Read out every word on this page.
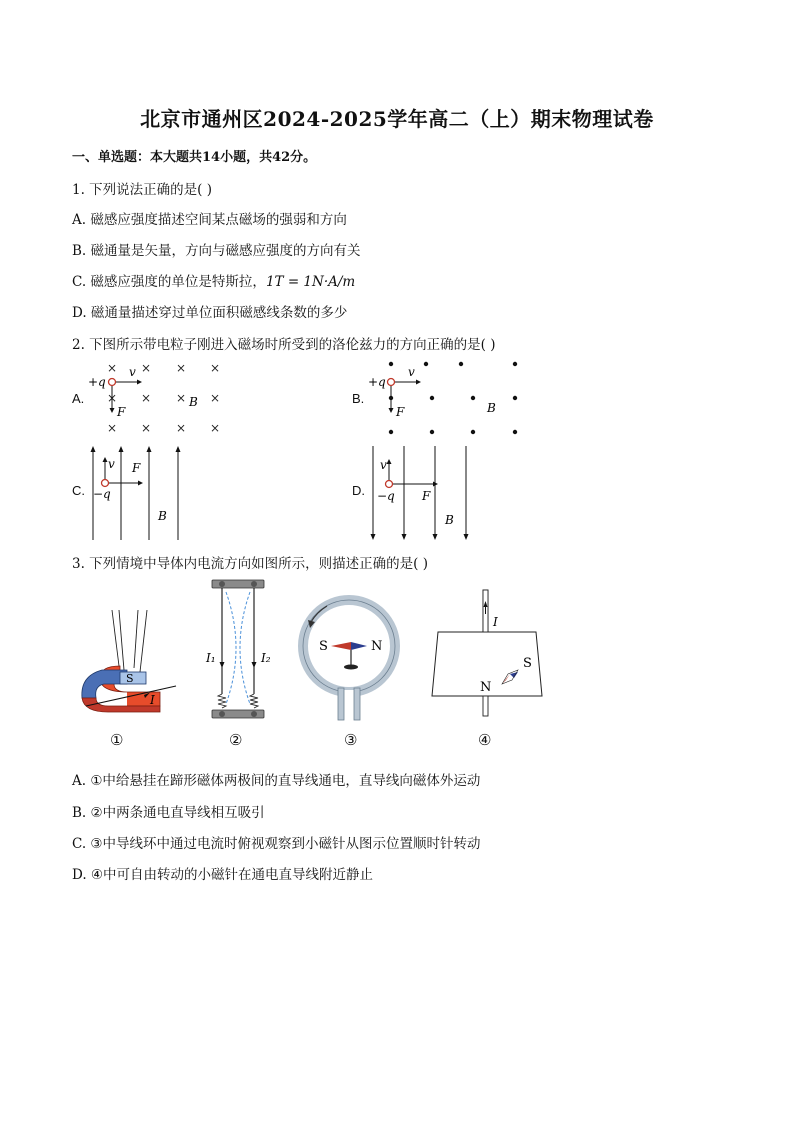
北京市通州区2024-2025学年高二（上）期末物理试卷
一、单选题：本大题共14小题，共42分。
1. 下列说法正确的是( )
A. 磁感应强度描述空间某点磁场的强弱和方向
B. 磁通量是矢量，方向与磁感应强度的方向有关
C. 磁感应强度的单位是特斯拉，1T = 1N·A/m
D. 磁通量描述穿过单位面积磁感线条数的多少
2. 下图所示带电粒子刚进入磁场时所受到的洛伦兹力的方向正确的是( )
A.
× × × ×
× × × ×
× × × ×
+q
v
F
B	B.
+q
v
F	B
C. −q
v F
B
D. −q
v
F
B
3. 下列情境中导体内电流方向如图所示，则描述正确的是( )
S
I
I₁	I₂
S	N
I
S
N
①	②	③	④
A. ①中给悬挂在蹄形磁体两极间的直导线通电，直导线向磁体外运动
B. ②中两条通电直导线相互吸引
C. ③中导线环中通过电流时俯视观察到小磁针从图示位置顺时针转动
D. ④中可自由转动的小磁针在通电直导线附近静止
